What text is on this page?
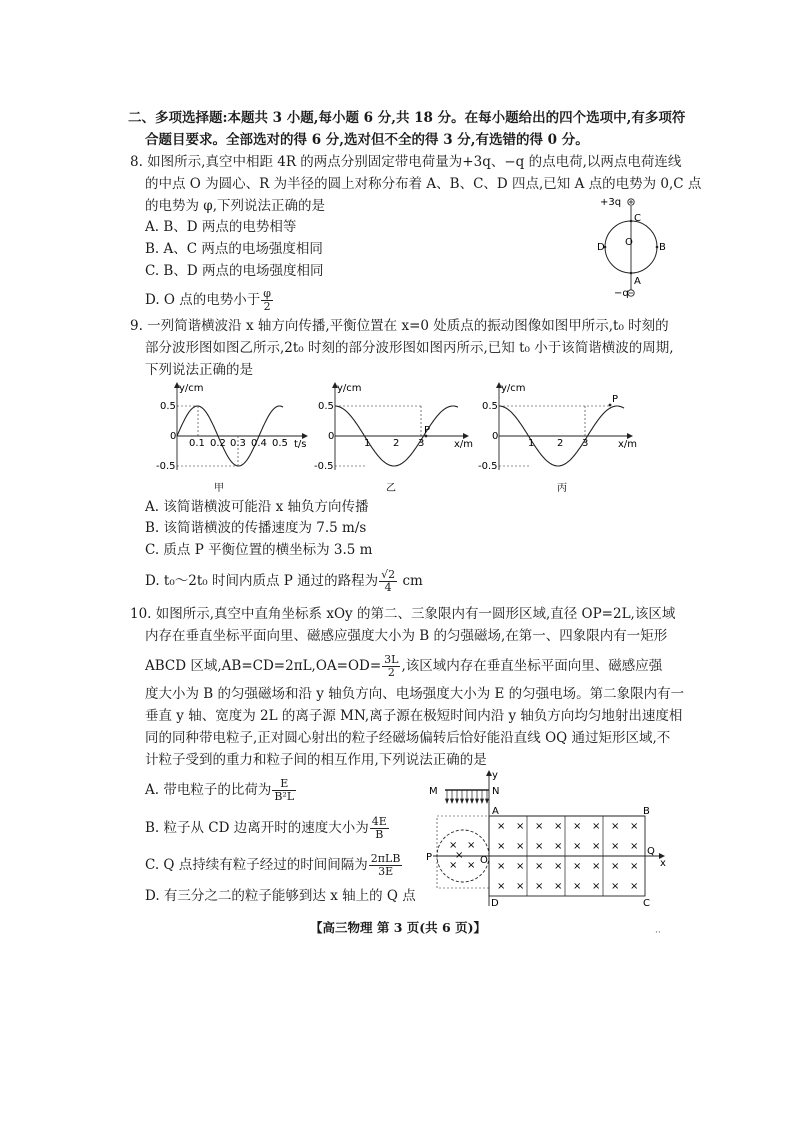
二、多项选择题:本题共 3 小题,每小题 6 分,共 18 分。在每小题给出的四个选项中,有多项符
合题目要求。全部选对的得 6 分,选对但不全的得 3 分,有选错的得 0 分。
8. 如图所示,真空中相距 4R 的两点分别固定带电荷量为+3q、−q 的点电荷,以两点电荷连线
的中点 O 为圆心、R 为半径的圆上对称分布着 A、B、C、D 四点,已知 A 点的电势为 0,C 点
的电势为 φ,下列说法正确的是
A. B、D 两点的电势相等
B. A、C 两点的电场强度相同
C. B、D 两点的电场强度相同
D. O 点的电势小于 $\frac{\varphi}{2}$
+3q
C
O	B
D
A
−q
9. 一列简谐横波沿 x 轴方向传播,平衡位置在 x=0 处质点的振动图像如图甲所示,t₀ 时刻的
部分波形图如图乙所示,2t₀ 时刻的部分波形图如图丙所示,已知 t₀ 小于该简谐横波的周期,
下列说法正确的是
y/cm
t/s
0.5
0
-0.5
0.1 0.2 0.3 0.4 0.5
甲
y/cm
x/m
0.5
0
-0.5
1 2 3
P
乙
y/cm
x/m
0.5
0
-0.5
1 2 3
P
丙
A. 该简谐横波可能沿 x 轴负方向传播
B. 该简谐横波的传播速度为 7.5 m/s
C. 质点 P 平衡位置的横坐标为 3.5 m
D. t₀～2t₀ 时间内质点 P 通过的路程为 $\frac{√2}{4}$ cm
10. 如图所示,真空中直角坐标系 xOy 的第二、三象限内有一圆形区域,直径 OP=2L,该区域
内存在垂直坐标平面向里、磁感应强度大小为 B 的匀强磁场,在第一、四象限内有一矩形
ABCD 区域$,AB=CD=2\pi L,OA=OD= \frac{3L}{2}$ ,该区域内存在垂直坐标平面向里、磁感应强
度大小为 B 的匀强磁场和沿 y 轴负方向、电场强度大小为 E 的匀强电场。第二象限内有一
垂直 y 轴、宽度为 2L 的离子源 MN,离子源在极短时间内沿 y 轴负方向均匀地射出速度相
同的同种带电粒子,正对圆心射出的粒子经磁场偏转后恰好能沿直线 OQ 通过矩形区域,不
计粒子受到的重力和粒子间的相互作用,下列说法正确的是
A. 带电粒子的比荷为 $\frac{E}{\text{B²L}}$
B. 粒子从 CD 边离开时的速度大小为 $\frac{4E}{B}$
C. Q 点持续有粒子经过的时间间隔为 $\frac{\text{2πLB}}{3E}$
D. 有三分之二的粒子能够到达 x 轴上的 Q 点
× × × × × × × ×
× × × × × × × ×
× × × × × × × ×
× × × × × × × ×
× ×
× ×
×
y
M	N
A	B
P	O
Q
x
D	C
【高三物理 第 3 页(共 6 页)】	··
